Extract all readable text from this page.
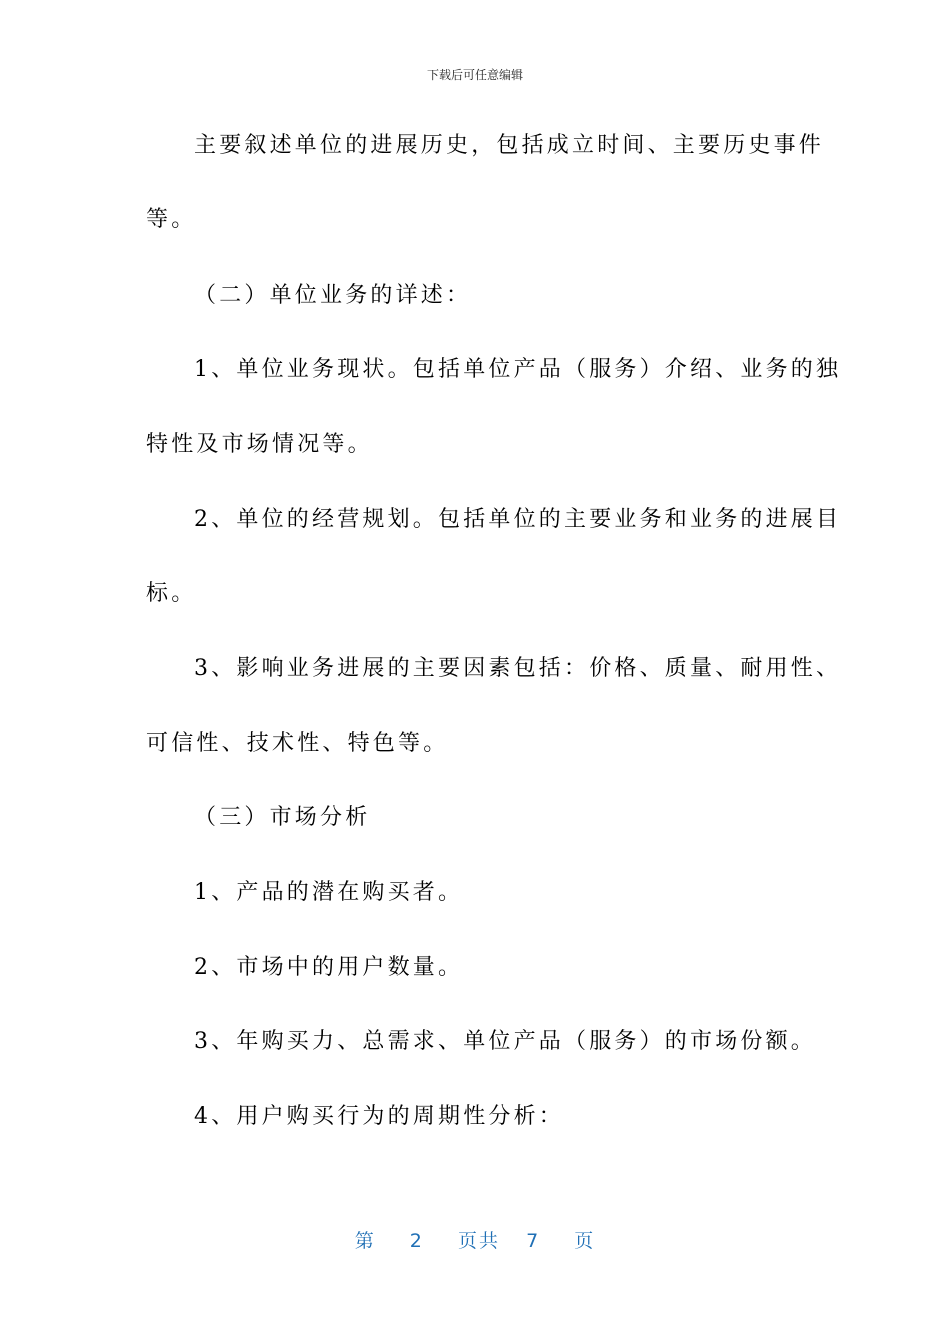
下载后可任意编辑
主要叙述单位的进展历史，包括成立时间、主要历史事件
等。
（二）单位业务的详述：
1、单位业务现状。包括单位产品（服务）介绍、业务的独
特性及市场情况等。
2、单位的经营规划。包括单位的主要业务和业务的进展目
标。
3、影响业务进展的主要因素包括：价格、质量、耐用性、
可信性、技术性、特色等。
（三）市场分析
1、产品的潜在购买者。
2、市场中的用户数量。
3、年购买力、总需求、单位产品（服务）的市场份额。
4、用户购买行为的周期性分析：
第 2 页共 7 页
